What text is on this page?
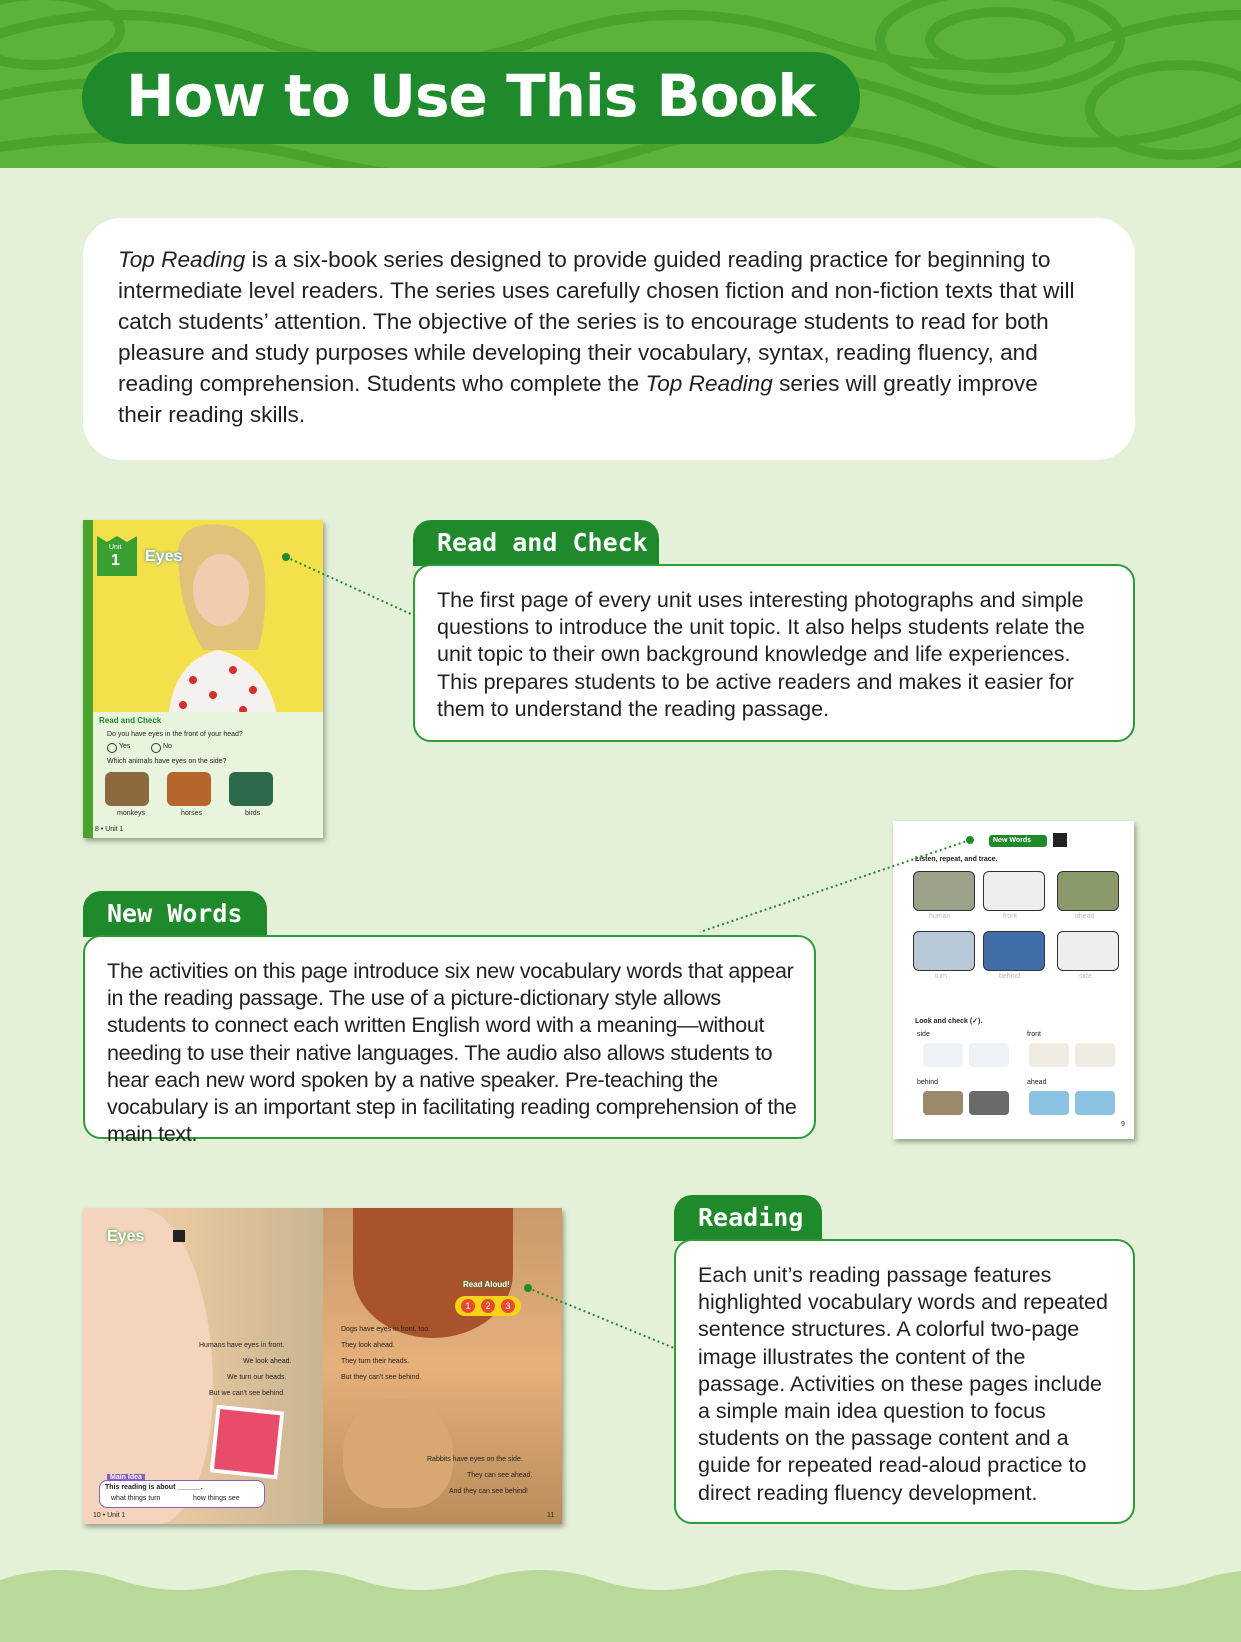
How to Use This Book

Top Reading is a six-book series designed to provide guided reading practice for beginning to intermediate level readers. The series uses carefully chosen fiction and non-fiction texts that will catch students’ attention. The objective of the series is to encourage students to read for both pleasure and study purposes while developing their vocabulary, syntax, reading fluency, and reading comprehension. Students who complete the Top Reading series will greatly improve their reading skills.

Unit
1 Eyes
Read and Check
Do you have eyes in the front of your head?
Yes	No
Which animals have eyes on the side?
monkeys	horses	birds
8 • Unit 1
Read and Check

The first page of every unit uses interesting photographs and simple questions to introduce the unit topic. It also helps students relate the unit topic to their own background knowledge and life experiences. This prepares students to be active readers and makes it easier for them to understand the reading passage.

New Words
Listen, repeat, and trace.
human	front	ahead
turn	behind	side
Look and check (✓).
side	front
behind	ahead
9
New Words

The activities on this page introduce six new vocabulary words that appear in the reading passage. The use of a picture-dictionary style allows students to connect each written English word with a meaning—without needing to use their native languages. The audio also allows students to hear each new word spoken by a native speaker. Pre-teaching the vocabulary is an important step in facilitating reading comprehension of the main text.

Eyes
Read Aloud!
1	2	3
Humans have eyes in front.
We look ahead.
We turn our heads.
But we can't see behind.
Dogs have eyes in front, too.
They look ahead.
They turn their heads.
But they can't see behind.
Rabbits have eyes on the side.
They can see ahead.
And they can see behind!
Main Idea
This reading is about ______.
what things turn	how things see
10 • Unit 1	11
Reading

Each unit’s reading passage features highlighted vocabulary words and repeated sentence structures. A colorful two-page image illustrates the content of the passage. Activities on these pages include a simple main idea question to focus students on the passage content and a guide for repeated read-aloud practice to direct reading fluency development.
